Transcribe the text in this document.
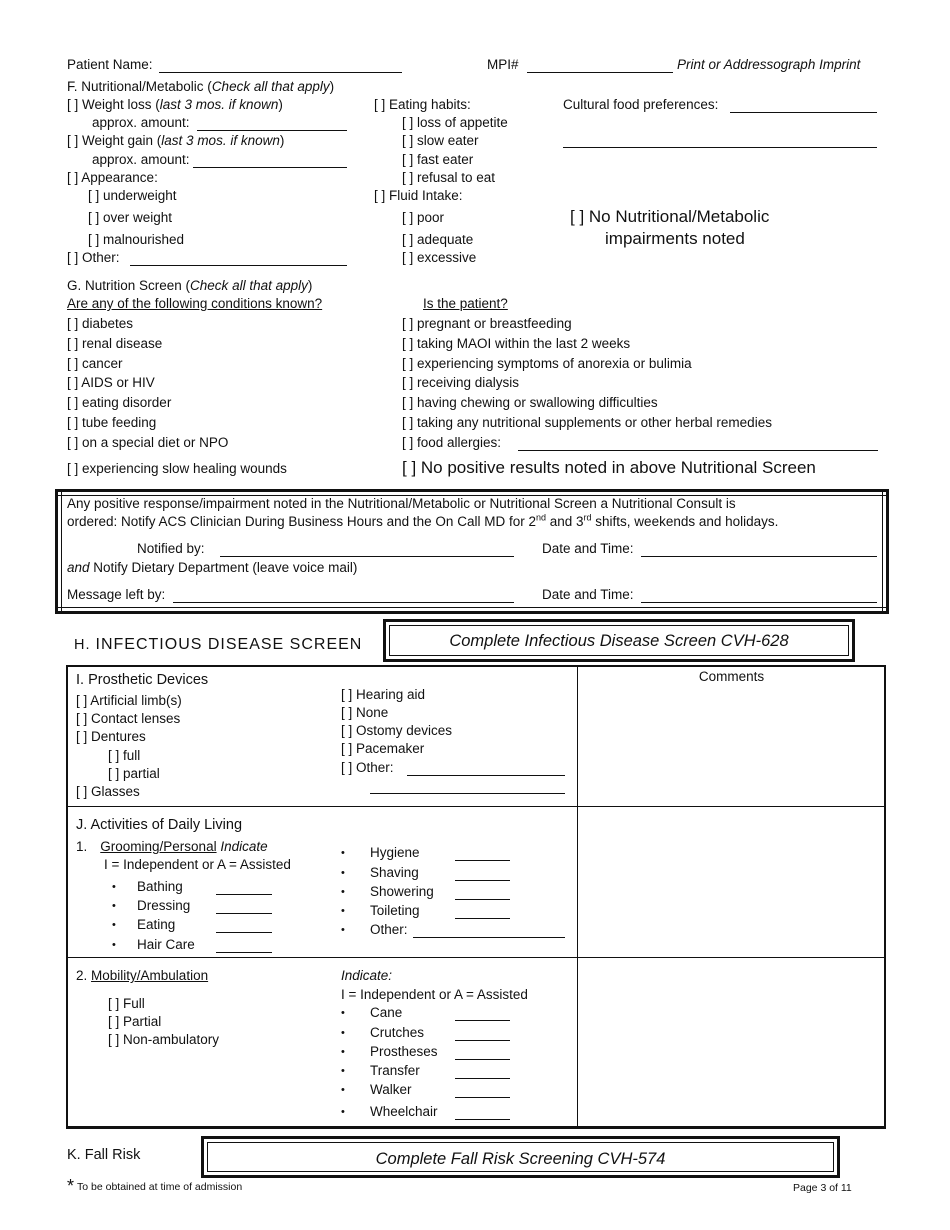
Patient Name:	MPI#	Print or Addressograph Imprint
F. Nutritional/Metabolic (Check all that apply)
[ ] Weight loss (last 3 mos. if known)
approx. amount:
[ ] Weight gain (last 3 mos. if known)
approx. amount:
[ ] Appearance:
[ ] underweight
[ ] over weight
[ ] malnourished
[ ] Other:
[ ] Eating habits:
[ ] loss of appetite
[ ] slow eater
[ ] fast eater
[ ] refusal to eat
[ ] Fluid Intake:
[ ] poor
[ ] adequate
[ ] excessive
Cultural food preferences:
[ ] No Nutritional/Metabolic
impairments noted
G. Nutrition Screen (Check all that apply)
Are any of the following conditions known?	Is the patient?
[ ] diabetes
[ ] renal disease
[ ] cancer
[ ] AIDS or HIV
[ ] eating disorder
[ ] tube feeding
[ ] on a special diet or NPO
[ ] experiencing slow healing wounds
[ ] pregnant or breastfeeding
[ ] taking MAOI within the last 2 weeks
[ ] experiencing symptoms of anorexia or bulimia
[ ] receiving dialysis
[ ] having chewing or swallowing difficulties
[ ] taking any nutritional supplements or other herbal remedies
[ ] food allergies:
[ ] No positive results noted in above Nutritional Screen
Any positive response/impairment noted in the Nutritional/Metabolic or Nutritional Screen a Nutritional Consult is
ordered: Notify ACS Clinician During Business Hours and the On Call MD for 2nd and 3rd shifts, weekends and holidays.
Notified by:	Date and Time:
and Notify Dietary Department (leave voice mail)
Message left by:	Date and Time:
H. INFECTIOUS DISEASE SCREEN	Complete Infectious Disease Screen CVH-628
I. Prosthetic Devices	Comments
[ ] Artificial limb(s)
[ ] Contact lenses
[ ] Dentures
[ ] full
[ ] partial
[ ] Glasses
[ ] Hearing aid
[ ] None
[ ] Ostomy devices
[ ] Pacemaker
[ ] Other:
J. Activities of Daily Living
1. Grooming/Personal Indicate
I = Independent or A = Assisted
• Bathing
• Dressing
• Eating
• Hair Care
• Hygiene
• Shaving
• Showering
• Toileting
• Other:
2. Mobility/Ambulation
[ ] Full
[ ] Partial
[ ] Non-ambulatory
Indicate:
I = Independent or A = Assisted
• Cane
• Crutches
• Prostheses
• Transfer
• Walker
• Wheelchair
K. Fall Risk	Complete Fall Risk Screening CVH-574
* To be obtained at time of admission	Page 3 of 11
